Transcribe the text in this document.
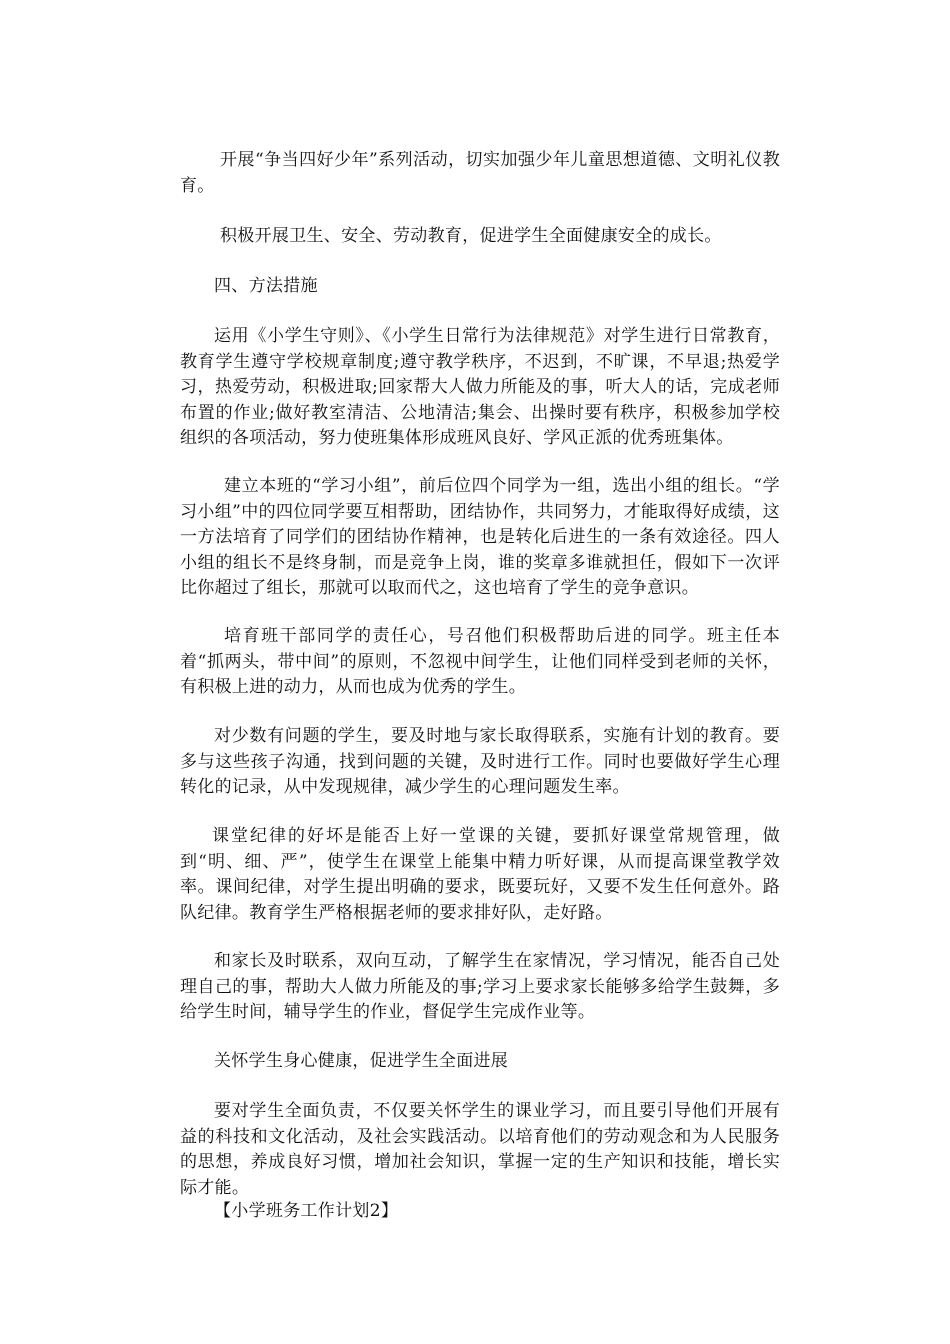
开展“争当四好少年”系列活动，切实加强少年儿童思想道德、文明礼仪教育。

积极开展卫生、安全、劳动教育，促进学生全面健康安全的成长。

四、方法措施

运用《小学生守则》、《小学生日常行为法律规范》对学生进行日常教育，教育学生遵守学校规章制度;遵守教学秩序，不迟到，不旷课，不早退;热爱学习，热爱劳动，积极进取;回家帮大人做力所能及的事，听大人的话，完成老师布置的作业;做好教室清洁、公地清洁;集会、出操时要有秩序，积极参加学校组织的各项活动，努力使班集体形成班风良好、学风正派的优秀班集体。

建立本班的“学习小组”，前后位四个同学为一组，选出小组的组长。“学习小组”中的四位同学要互相帮助，团结协作，共同努力，才能取得好成绩，这一方法培育了同学们的团结协作精神，也是转化后进生的一条有效途径。四人小组的组长不是终身制，而是竞争上岗，谁的奖章多谁就担任，假如下一次评比你超过了组长，那就可以取而代之，这也培育了学生的竞争意识。

培育班干部同学的责任心，号召他们积极帮助后进的同学。班主任本着“抓两头，带中间”的原则，不忽视中间学生，让他们同样受到老师的关怀，有积极上进的动力，从而也成为优秀的学生。

对少数有问题的学生，要及时地与家长取得联系，实施有计划的教育。要多与这些孩子沟通，找到问题的关键，及时进行工作。同时也要做好学生心理转化的记录，从中发现规律，减少学生的心理问题发生率。

课堂纪律的好坏是能否上好一堂课的关键，要抓好课堂常规管理，做到“明、细、严”，使学生在课堂上能集中精力听好课，从而提高课堂教学效率。课间纪律，对学生提出明确的要求，既要玩好，又要不发生任何意外。路队纪律。教育学生严格根据老师的要求排好队，走好路。

和家长及时联系，双向互动，了解学生在家情况，学习情况，能否自己处理自己的事，帮助大人做力所能及的事;学习上要求家长能够多给学生鼓舞，多给学生时间，辅导学生的作业，督促学生完成作业等。

关怀学生身心健康，促进学生全面进展

要对学生全面负责，不仅要关怀学生的课业学习，而且要引导他们开展有益的科技和文化活动，及社会实践活动。以培育他们的劳动观念和为人民服务的思想，养成良好习惯，增加社会知识，掌握一定的生产知识和技能，增长实际才能。

【小学班务工作计划2】
